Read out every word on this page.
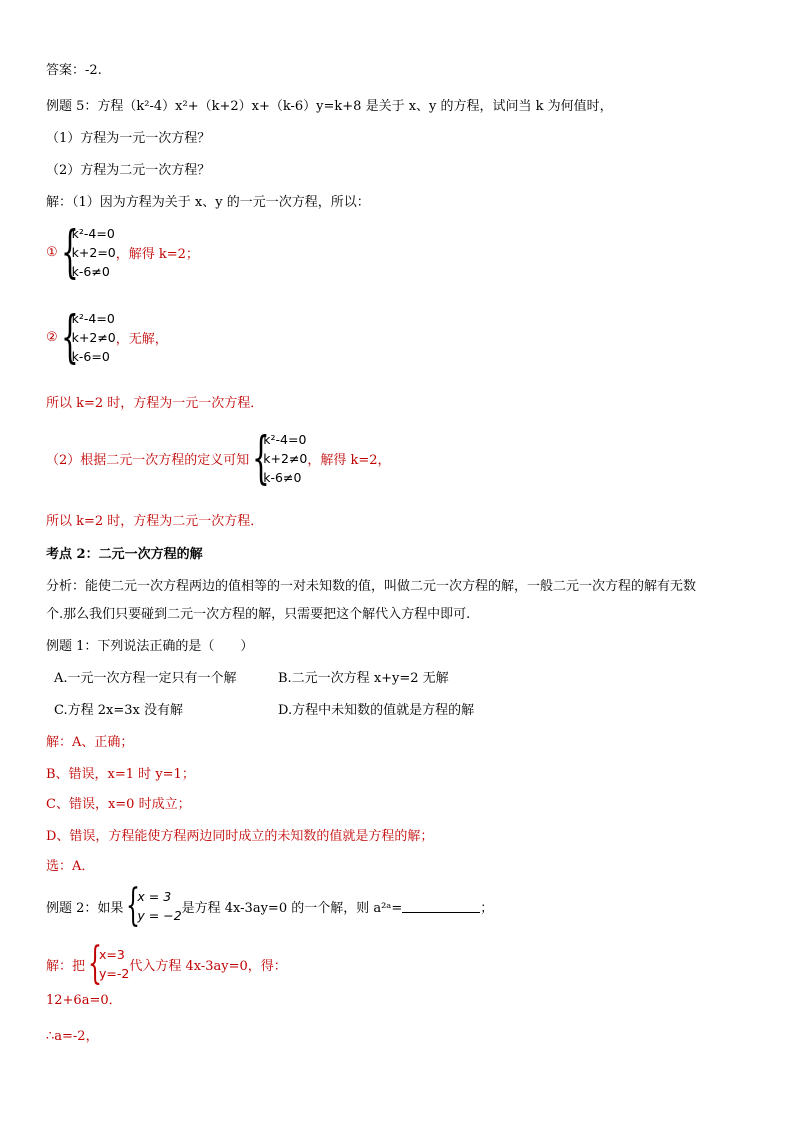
答案：-2.
例题 5：方程（k²-4）x²+（k+2）x+（k-6）y=k+8 是关于 x、y 的方程，试问当 k 为何值时，
（1）方程为一元一次方程？
（2）方程为二元一次方程？
解：（1）因为方程为关于 x、y 的一元一次方程，所以：
① {
k²-4=0
k+2=0
k-6≠0
，解得 k=2；
② {
k²-4=0
k+2≠0
k-6=0
，无解，
所以 k=2 时，方程为一元一次方程．
（2）根据二元一次方程的定义可知 {
k²-4=0
k+2≠0
k-6≠0
，解得 k=2，
所以 k=2 时，方程为二元一次方程．
考点 2：二元一次方程的解
分析：能使二元一次方程两边的值相等的一对未知数的值，叫做二元一次方程的解，一般二元一次方程的解有无数
个.那么我们只要碰到二元一次方程的解，只需要把这个解代入方程中即可.
例题 1：下列说法正确的是（　　）
A.一元一次方程一定只有一个解	B.二元一次方程 x+y=2 无解
C.方程 2x=3x 没有解	D.方程中未知数的值就是方程的解
解：A、正确；
B、错误，x=1 时 y=1；
C、错误，x=0 时成立；
D、错误，方程能使方程两边同时成立的未知数的值就是方程的解；
选：A．
例题 2：如果 {
x = 3
y = −2 是方程 4x-3ay=0 的一个解，则 a²ᵃ=	；
解：把 {
x=3
y=-2 代入方程 4x-3ay=0，得：
12+6a=0．
∴a=-2，
